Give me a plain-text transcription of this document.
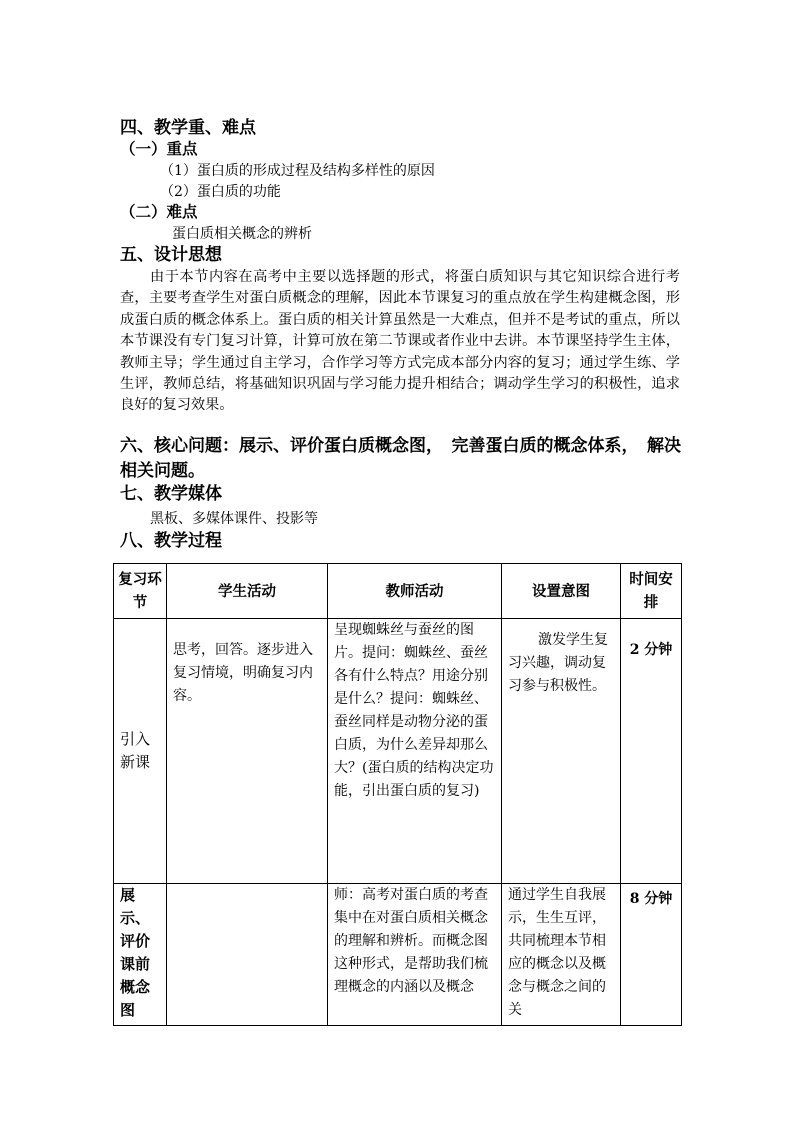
四、教学重、难点
（一）重点
（1）蛋白质的形成过程及结构多样性的原因
（2）蛋白质的功能
（二）难点
蛋白质相关概念的辨析
五、设计思想
由于本节内容在高考中主要以选择题的形式，将蛋白质知识与其它知识综合进行考查，主要考查学生对蛋白质概念的理解，因此本节课复习的重点放在学生构建概念图，形成蛋白质的概念体系上。蛋白质的相关计算虽然是一大难点，但并不是考试的重点，所以本节课没有专门复习计算，计算可放在第二节课或者作业中去讲。本节课坚持学生主体，教师主导；学生通过自主学习，合作学习等方式完成本部分内容的复习；通过学生练、学生评，教师总结，将基础知识巩固与学习能力提升相结合；调动学生学习的积极性，追求良好的复习效果。
六、核心问题：展示、评价蛋白质概念图，　完善蛋白质的概念体系，　解决相关问题。
七、教学媒体
黑板、多媒体课件、投影等
八、教学过程
复习环节	学生活动	教师活动	设置意图	时间安排
引入新课	思考，回答。逐步进入复习情境，明确复习内容。	呈现蜘蛛丝与蚕丝的图片。提问：蜘蛛丝、蚕丝各有什么特点？用途分别是什么？提问：蜘蛛丝、蚕丝同样是动物分泌的蛋白质，为什么差异却那么大？(蛋白质的结构决定功能，引出蛋白质的复习)	激发学生复习兴趣，调动复习参与积极性。	2 分钟
展示、评价课前概念图		师：高考对蛋白质的考查集中在对蛋白质相关概念的理解和辨析。而概念图这种形式，是帮助我们梳理概念的内涵以及概念	通过学生自我展示，生生互评，共同梳理本节相应的概念以及概念与概念之间的关	8 分钟
